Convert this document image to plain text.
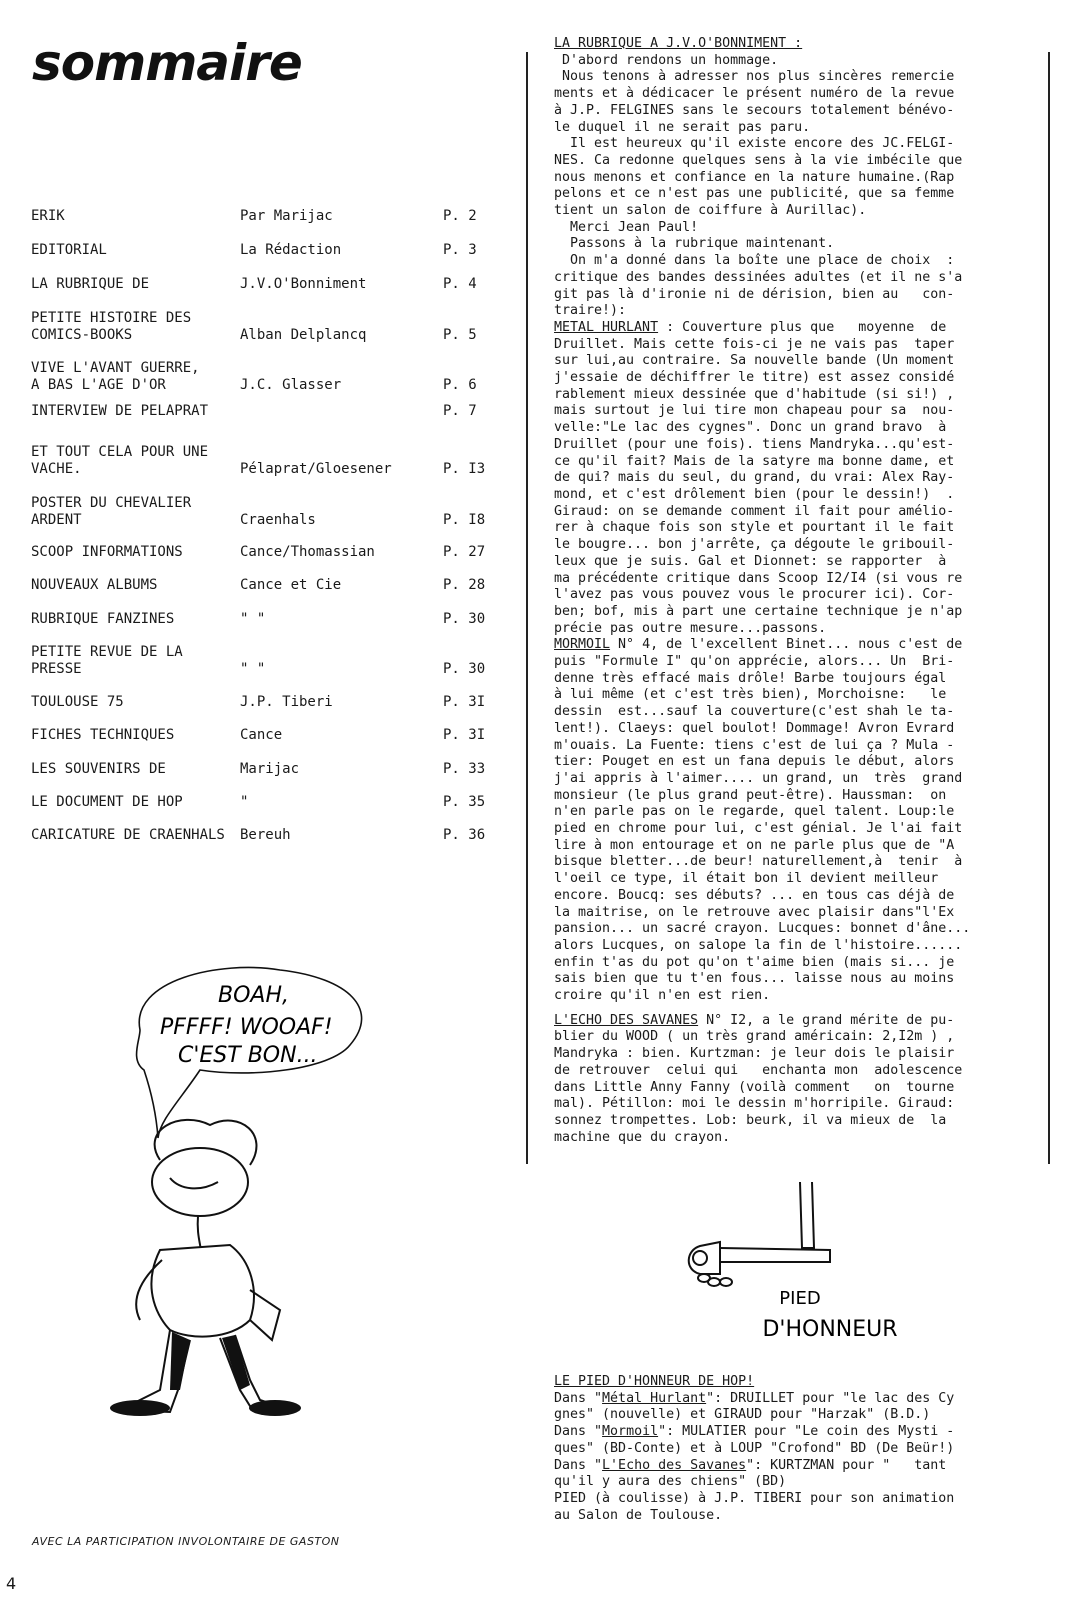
sommaire
ERIK	Par Marijac	P. 2
EDITORIAL	La Rédaction	P. 3
LA RUBRIQUE DE	J.V.O'Bonniment	P. 4
PETITE HISTOIRE DES
COMICS-BOOKS	Alban Delplancq	P. 5
VIVE L'AVANT GUERRE,
A BAS L'AGE D'OR	J.C. Glasser	P. 6
INTERVIEW DE PELAPRAT	P. 7
ET TOUT CELA POUR UNE
VACHE.	Pélaprat/Gloesener	P. I3
POSTER DU CHEVALIER
ARDENT	Craenhals	P. I8
SCOOP INFORMATIONS	Cance/Thomassian	P. 27
NOUVEAUX ALBUMS	Cance et Cie	P. 28
RUBRIQUE FANZINES	" "	P. 30
PETITE REVUE DE LA
PRESSE	" "	P. 30
TOULOUSE 75	J.P. Tiberi	P. 3I
FICHES TECHNIQUES	Cance	P. 3I
LES SOUVENIRS DE	Marijac	P. 33
LE DOCUMENT DE HOP	"	P. 35
CARICATURE DE CRAENHALS	Bereuh	P. 36
BOAH,
PFFFF! WOOAF!
C'EST BON...
AVEC LA PARTICIPATION INVOLONTAIRE DE GASTON
4
LA RUBRIQUE A J.V.O'BONNIMENT :
D'abord rendons un hommage.
Nous tenons à adresser nos plus sincères remercie
ments et à dédicacer le présent numéro de la revue
à J.P. FELGINES sans le secours totalement bénévo-
le duquel il ne serait pas paru.
Il est heureux qu'il existe encore des JC.FELGI-
NES. Ca redonne quelques sens à la vie imbécile que
nous menons et confiance en la nature humaine.(Rap
pelons et ce n'est pas une publicité, que sa femme
tient un salon de coiffure à Aurillac).
Merci Jean Paul!
Passons à la rubrique maintenant.
On m'a donné dans la boîte une place de choix  :
critique des bandes dessinées adultes (et il ne s'a
git pas là d'ironie ni de dérision, bien au   con-
traire!):
METAL HURLANT : Couverture plus que   moyenne  de
Druillet. Mais cette fois-ci je ne vais pas  taper
sur lui,au contraire. Sa nouvelle bande (Un moment
j'essaie de déchiffrer le titre) est assez considé
rablement mieux dessinée que d'habitude (si si!) ,
mais surtout je lui tire mon chapeau pour sa  nou-
velle:"Le lac des cygnes". Donc un grand bravo  à
Druillet (pour une fois). tiens Mandryka...qu'est-
ce qu'il fait? Mais de la satyre ma bonne dame, et
de qui? mais du seul, du grand, du vrai: Alex Ray-
mond, et c'est drôlement bien (pour le dessin!)  .
Giraud: on se demande comment il fait pour amélio-
rer à chaque fois son style et pourtant il le fait
le bougre... bon j'arrête, ça dégoute le gribouil-
leux que je suis. Gal et Dionnet: se rapporter  à
ma précédente critique dans Scoop I2/I4 (si vous re
l'avez pas vous pouvez vous le procurer ici). Cor-
ben; bof, mis à part une certaine technique je n'ap
précie pas outre mesure...passons.
MORMOIL N° 4, de l'excellent Binet... nous c'est de
puis "Formule I" qu'on apprécie, alors... Un  Bri-
denne très effacé mais drôle! Barbe toujours égal
à lui même (et c'est très bien), Morchoisne:   le
dessin  est...sauf la couverture(c'est shah le ta-
lent!). Claeys: quel boulot! Dommage! Avron Evrard
m'ouais. La Fuente: tiens c'est de lui ça ? Mula -
tier: Pouget en est un fana depuis le début, alors
j'ai appris à l'aimer.... un grand, un  très  grand
monsieur (le plus grand peut-être). Haussman:  on
n'en parle pas on le regarde, quel talent. Loup:le
pied en chrome pour lui, c'est génial. Je l'ai fait
lire à mon entourage et on ne parle plus que de "A
bisque bletter...de beur! naturellement,à  tenir  à
l'oeil ce type, il était bon il devient meilleur
encore. Boucq: ses débuts? ... en tous cas déjà de
la maitrise, on le retrouve avec plaisir dans"l'Ex
pansion... un sacré crayon. Lucques: bonnet d'âne...
alors Lucques, on salope la fin de l'histoire......
enfin t'as du pot qu'on t'aime bien (mais si... je
sais bien que tu t'en fous... laisse nous au moins
croire qu'il n'en est rien.
L'ECHO DES SAVANES N° I2, a le grand mérite de pu-
blier du WOOD ( un très grand américain: 2,I2m ) ,
Mandryka : bien. Kurtzman: je leur dois le plaisir
de retrouver  celui qui   enchanta mon  adolescence
dans Little Anny Fanny (voilà comment   on  tourne
mal). Pétillon: moi le dessin m'horripile. Giraud:
sonnez trompettes. Lob: beurk, il va mieux de  la
machine que du crayon.
PIED
D'HONNEUR
LE PIED D'HONNEUR DE HOP!
Dans "Métal Hurlant": DRUILLET pour "le lac des Cy
gnes" (nouvelle) et GIRAUD pour "Harzak" (B.D.)
Dans "Mormoil": MULATIER pour "Le coin des Mysti -
ques" (BD-Conte) et à LOUP "Crofond" BD (De Beür!)
Dans "L'Echo des Savanes": KURTZMAN pour "   tant
qu'il y aura des chiens" (BD)
PIED (à coulisse) à J.P. TIBERI pour son animation
au Salon de Toulouse.
